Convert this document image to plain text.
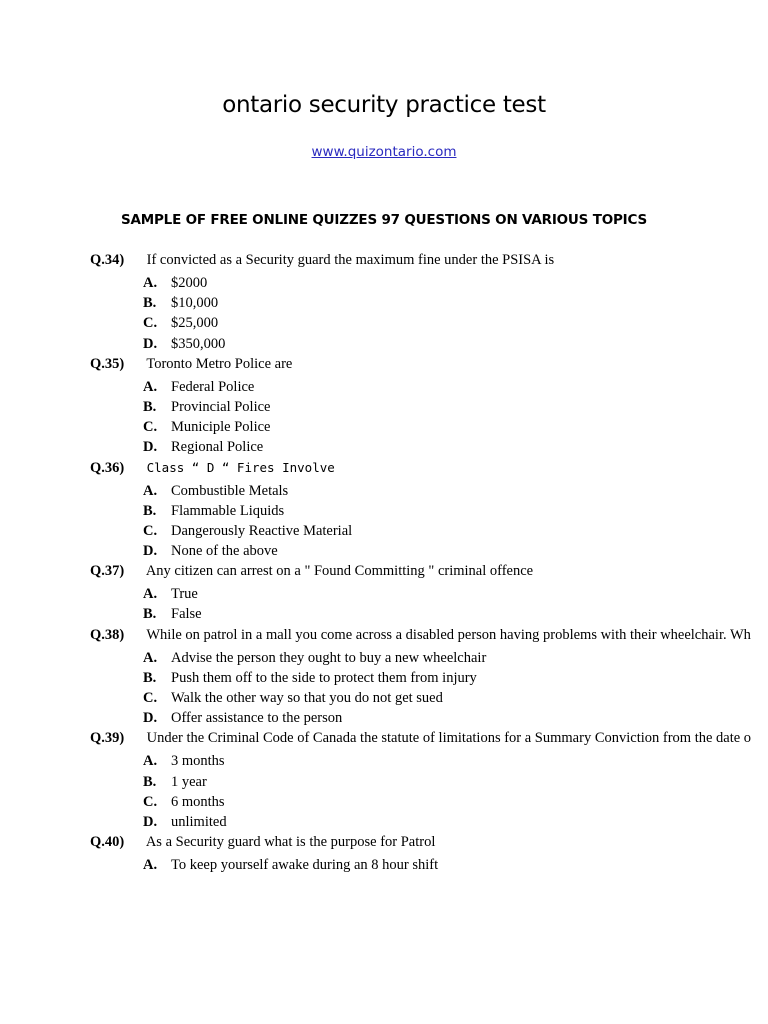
ontario security practice test
www.quizontario.com
SAMPLE OF FREE ONLINE QUIZZES 97 QUESTIONS ON VARIOUS TOPICS
Q.34) If convicted as a Security guard the maximum fine under the PSISA is
A. $2000
B. $10,000
C. $25,000
D. $350,000
Q.35) Toronto Metro Police are
A. Federal Police
B. Provincial Police
C. Municiple Police
D. Regional Police
Q.36) Class “ D “ Fires Involve
A. Combustible Metals
B. Flammable Liquids
C. Dangerously Reactive Material
D. None of the above
Q.37) Any citizen can arrest on a " Found Committing " criminal offence
A. True
B. False
Q.38) While on patrol in a mall you come across a disabled person having problems with their wheelchair. Wh
A. Advise the person they ought to buy a new wheelchair
B. Push them off to the side to protect them from injury
C. Walk the other way so that you do not get sued
D. Offer assistance to the person
Q.39) Under the Criminal Code of Canada the statute of limitations for a Summary Conviction from the date o
A. 3 months
B. 1 year
C. 6 months
D. unlimited
Q.40) As a Security guard what is the purpose for Patrol
A. To keep yourself awake during an 8 hour shift
